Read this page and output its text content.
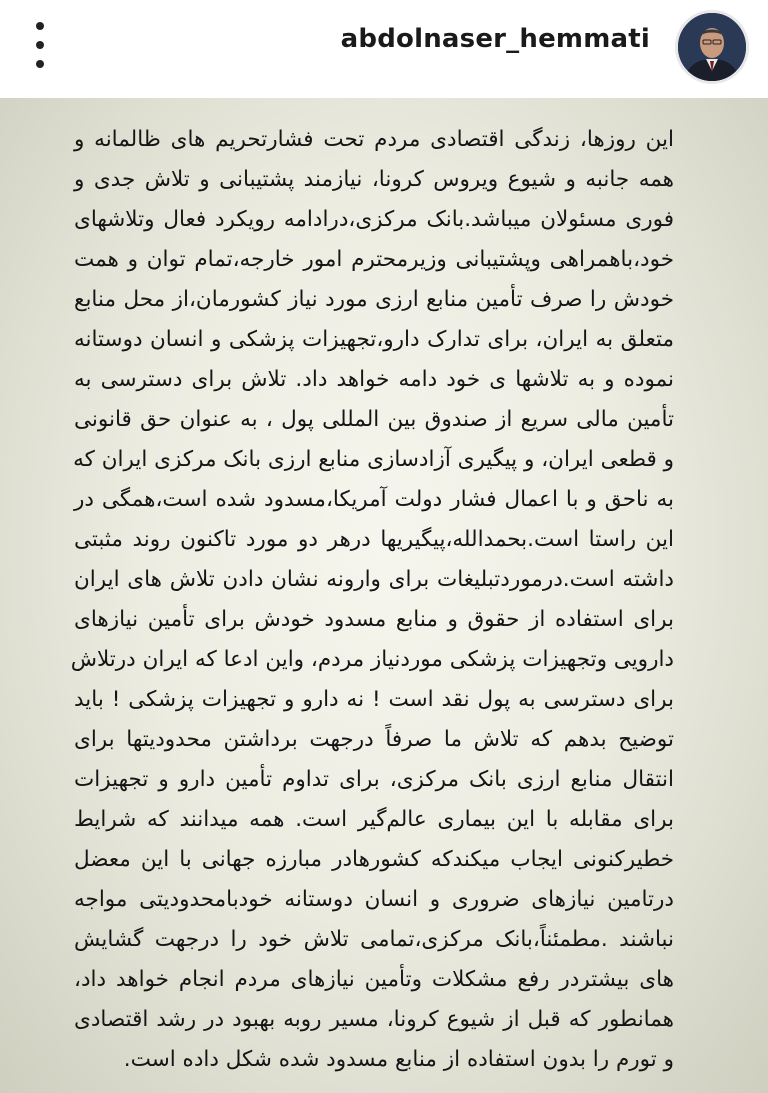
abdolnaser_hemmati
این روزها، زندگی اقتصادی مردم تحت فشارتحریم های ظالمانه و
همه جانبه و شیوع ویروس کرونا، نیازمند پشتیبانی و تلاش جدی و
فوری مسئولان میباشد.بانک مرکزی،درادامه رویکرد فعال وتلاشهای
خود،باهمراهی وپشتیبانی وزیرمحترم امور خارجه،تمام توان و همت
خودش را صرف تأمین منابع ارزی مورد نیاز کشورمان،از محل منابع
متعلق به ایران، برای تدارک دارو،تجهیزات پزشکی و انسان دوستانه
نموده و به تلاشها ی خود دامه خواهد داد. تلاش برای دسترسی به
تأمین مالی سریع از صندوق بین المللی پول ، به عنوان حق قانونی
و قطعی ایران، و پیگیری آزادسازی منابع ارزی بانک مرکزی ایران که
به ناحق و با اعمال فشار دولت آمریکا،مسدود شده است،همگی در
این راستا است.بحمدالله،پیگیریها درهر دو مورد تاکنون روند مثبتی
داشته است.درموردتبلیغات برای وارونه نشان دادن تلاش های ایران
برای استفاده از حقوق و منابع مسدود خودش برای تأمین نیازهای
دارویی وتجهیزات پزشکی موردنیاز مردم، واین ادعا که ایران درتلاش
برای دسترسی به پول نقد است ! نه دارو و تجهیزات پزشکی ! باید
توضیح بدهم که تلاش ما صرفاً درجهت برداشتن محدودیتها برای
انتقال منابع ارزی بانک مرکزی، برای تداوم تأمین دارو و تجهیزات
برای مقابله با این بیماری عالم‌گیر است. همه میدانند که شرایط
خطیرکنونی ایجاب میکندکه کشورهادر مبارزه جهانی با این معضل
درتامین نیازهای ضروری و انسان دوستانه خودبامحدودیتی مواجه
نباشند .مطمئناً،بانک مرکزی،تمامی تلاش خود را درجهت گشایش
های بیشتردر رفع مشکلات وتأمین نیازهای مردم انجام خواهد داد،
همانطور که قبل از شیوع کرونا، مسیر روبه بهبود در رشد اقتصادی
و تورم را بدون استفاده از منابع مسدود شده شکل داده است.
